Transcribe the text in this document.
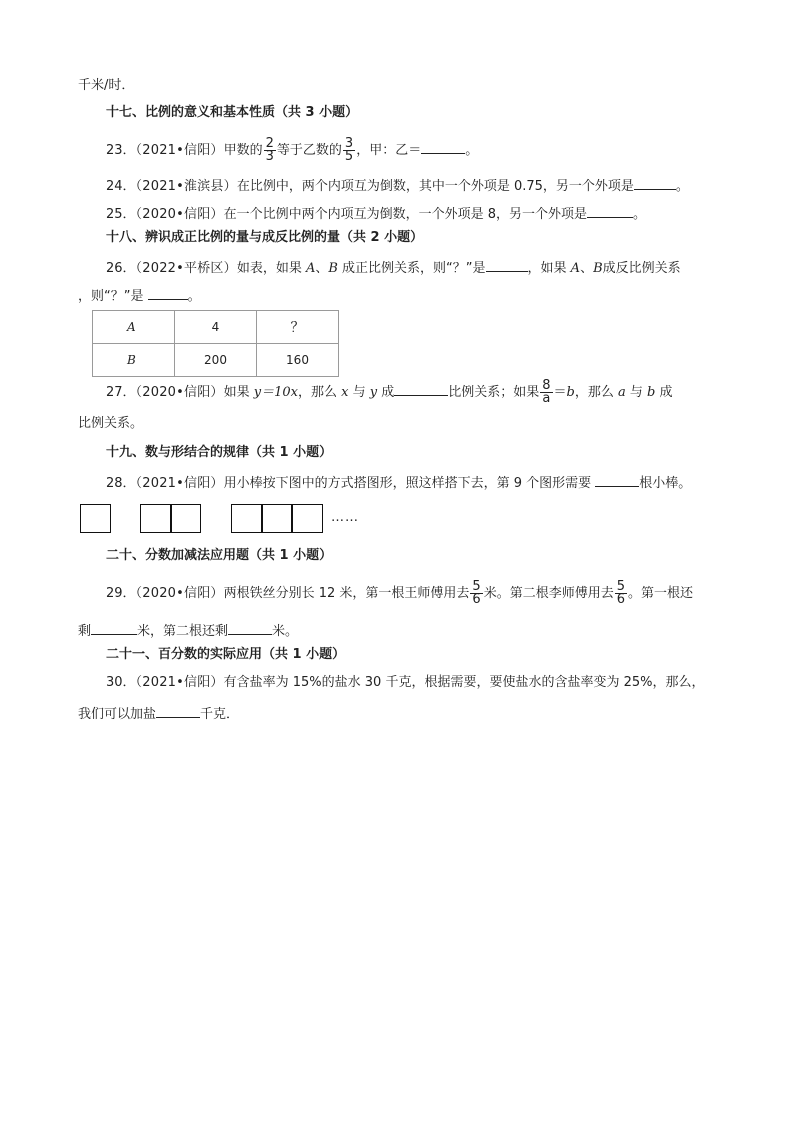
千米/时．
十七、比例的意义和基本性质（共 3 小题）
23．（2021•信阳）甲数的 $\frac{2}{3}$ 等于乙数的 $\frac{3}{5}$ ，甲：乙＝	。
24．（2021•淮滨县）在比例中，两个内项互为倒数，其中一个外项是 0.75，另一个外项是	。
25．（2020•信阳）在一个比例中两个内项互为倒数，一个外项是 8，另一个外项是	。
十八、辨识成正比例的量与成反比例的量（共 2 小题）
26．（2022•平桥区）如表，如果 A、B 成正比例关系，则“？”是	，如果 A、B成反比例关系
，则“？”是	。
A	4	？
B	200	160
27．（2020•信阳）如果 y＝10x，那么 x 与 y 成	比例关系；如果 $\frac{8}{a} =b$，那么 a 与 b 成
比例关系。
十九、数与形结合的规律（共 1 小题）
28．（2021•信阳）用小棒按下图中的方式搭图形，照这样搭下去，第 9 个图形需要	根小棒。
……
二十、分数加减法应用题（共 1 小题）
29．（2020•信阳）两根铁丝分别长 12 米，第一根王师傅用去 $\frac{5}{6}$ 米。第二根李师傅用去 $\frac{5}{6}$ 。第一根还
剩	米，第二根还剩	米。
二十一、百分数的实际应用（共 1 小题）
30．（2021•信阳）有含盐率为 15%的盐水 30 千克，根据需要，要使盐水的含盐率变为 25%，那么，
我们可以加盐	千克．
